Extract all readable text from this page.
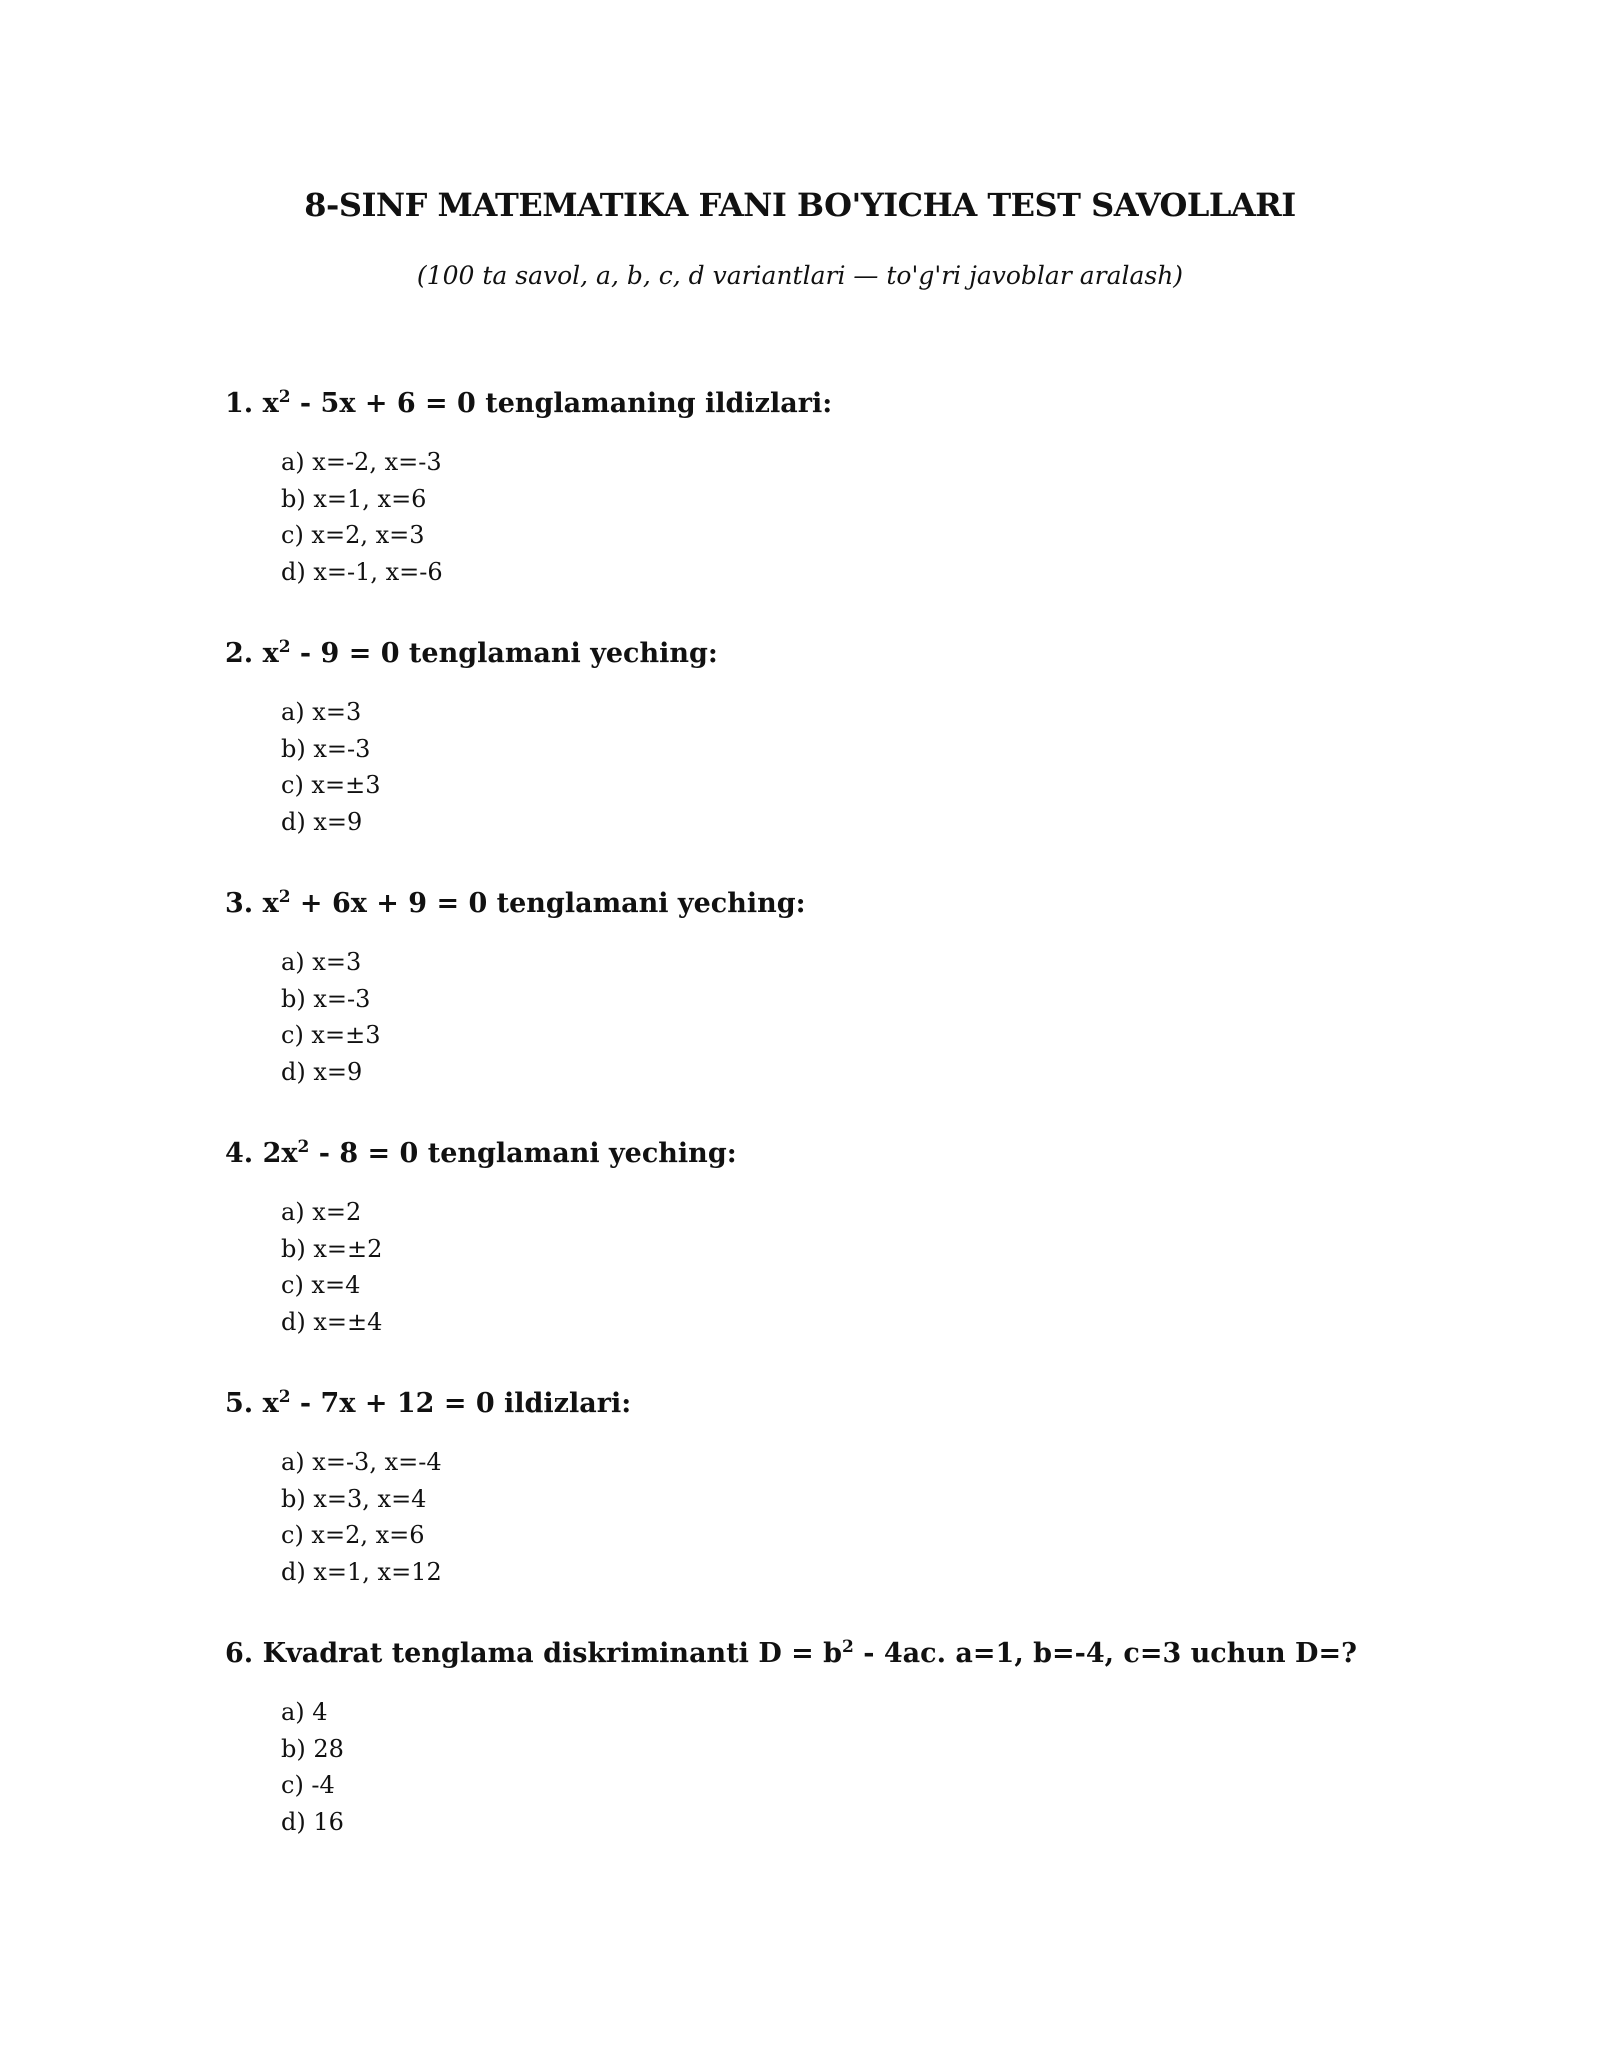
8-SINF MATEMATIKA FANI BO'YICHA TEST SAVOLLARI
(100 ta savol, a, b, c, d variantlari — to'g'ri javoblar aralash)
1. $x^2 - 5x + 6 = 0$ tenglamaning ildizlari:
a) x=-2, x=-3
b) x=1, x=6
c) x=2, x=3
d) x=-1, x=-6
2. $x^2 - 9 = 0$ tenglamani yeching:
a) x=3
b) x=-3
c) x=±3
d) x=9
3. $x^2 + 6x + 9 = 0$ tenglamani yeching:
a) x=3
b) x=-3
c) x=±3
d) x=9
4. $2x^2 - 8 = 0$ tenglamani yeching:
a) x=2
b) x=±2
c) x=4
d) x=±4
5. $x^2 - 7x + 12 = 0$ ildizlari:
a) x=-3, x=-4
b) x=3, x=4
c) x=2, x=6
d) x=1, x=12
6. Kvadrat tenglama diskriminanti $D = b^2 - 4ac$. a=1, b=-4, c=3 uchun D=?
a) 4
b) 28
c) -4
d) 16
